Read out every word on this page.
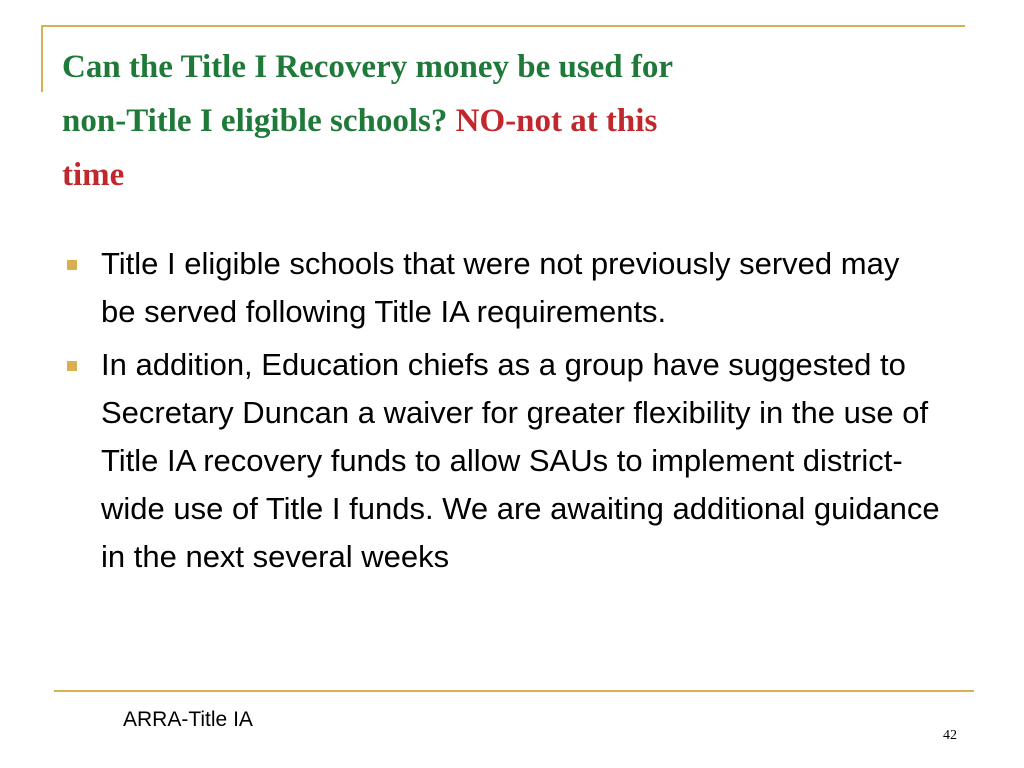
Can the Title I Recovery money be used for
non-Title I eligible schools? NO-not at this
time
Title I eligible schools that were not previously served may be served following Title IA requirements.
In addition, Education chiefs as a group have suggested to Secretary Duncan a waiver for greater flexibility in the use of Title IA recovery funds to allow SAUs to implement district-wide use of Title I funds. We are awaiting additional guidance in the next several weeks
ARRA-Title IA
42
